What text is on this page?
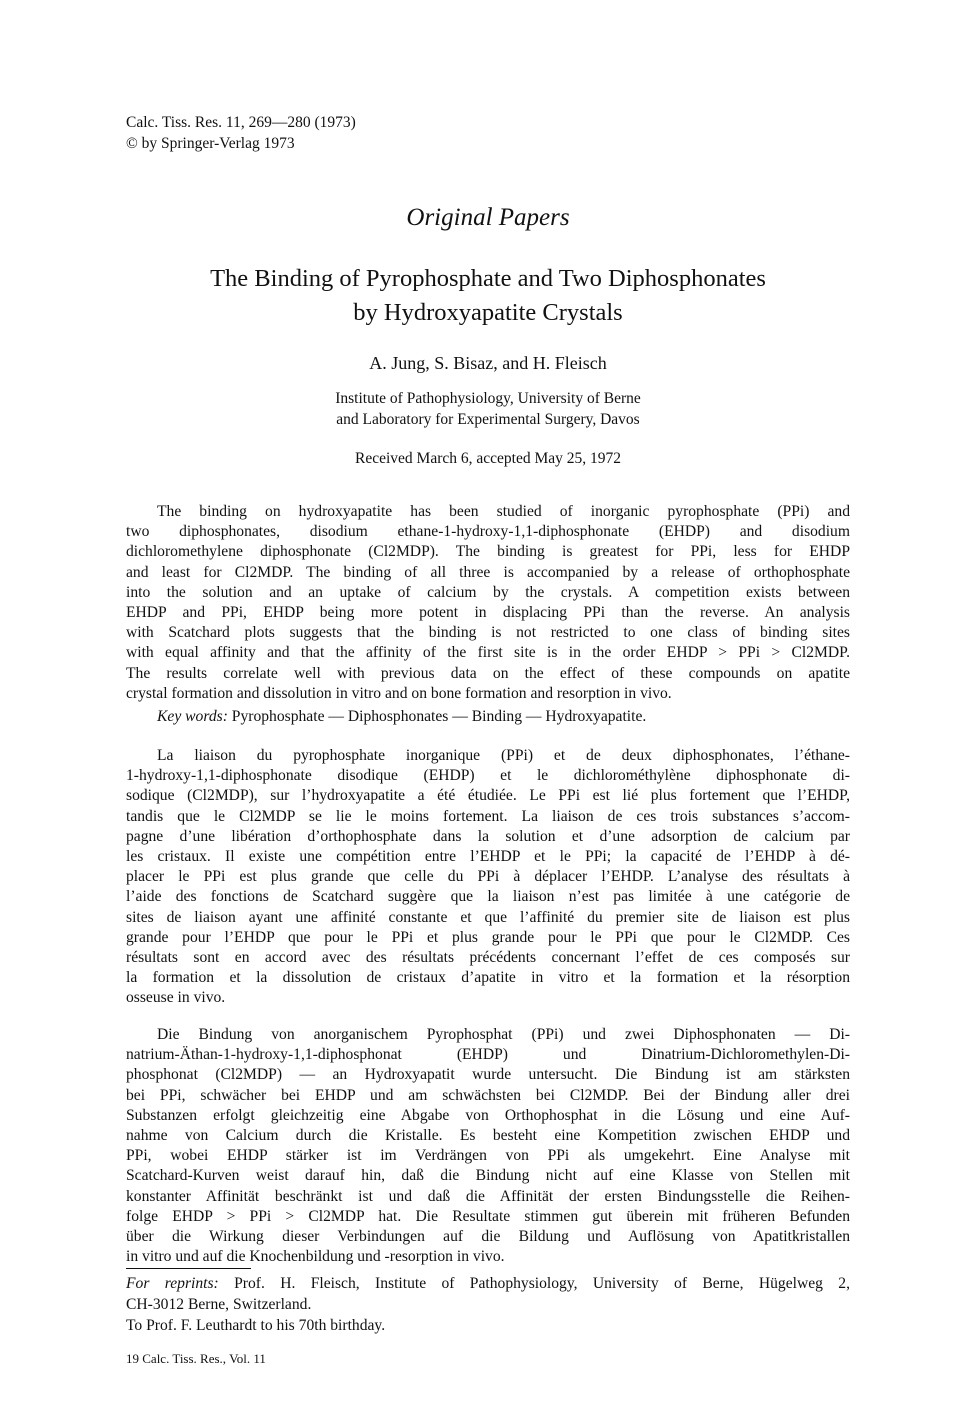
Calc. Tiss. Res. 11, 269—280 (1973)
© by Springer-Verlag 1973
Original Papers
The Binding of Pyrophosphate and Two Diphosphonates
by Hydroxyapatite Crystals
A. Jung, S. Bisaz, and H. Fleisch
Institute of Pathophysiology, University of Berne
and Laboratory for Experimental Surgery, Davos
Received March 6, accepted May 25, 1972
The binding on hydroxyapatite has been studied of inorganic pyrophosphate (PPi) and
two diphosphonates, disodium ethane-1-hydroxy-1,1-diphosphonate (EHDP) and disodium
dichloromethylene diphosphonate (Cl2MDP). The binding is greatest for PPi, less for EHDP
and least for Cl2MDP. The binding of all three is accompanied by a release of orthophosphate
into the solution and an uptake of calcium by the crystals. A competition exists between
EHDP and PPi, EHDP being more potent in displacing PPi than the reverse. An analysis
with Scatchard plots suggests that the binding is not restricted to one class of binding sites
with equal affinity and that the affinity of the first site is in the order EHDP > PPi > Cl2MDP.
The results correlate well with previous data on the effect of these compounds on apatite
crystal formation and dissolution in vitro and on bone formation and resorption in vivo.
Key words: Pyrophosphate — Diphosphonates — Binding — Hydroxyapatite.
La liaison du pyrophosphate inorganique (PPi) et de deux diphosphonates, l’éthane-
1-hydroxy-1,1-diphosphonate disodique (EHDP) et le dichlorométhylène diphosphonate di-
sodique (Cl2MDP), sur l’hydroxyapatite a été étudiée. Le PPi est lié plus fortement que l’EHDP,
tandis que le Cl2MDP se lie le moins fortement. La liaison de ces trois substances s’accom-
pagne d’une libération d’orthophosphate dans la solution et d’une adsorption de calcium par
les cristaux. Il existe une compétition entre l’EHDP et le PPi; la capacité de l’EHDP à dé-
placer le PPi est plus grande que celle du PPi à déplacer l’EHDP. L’analyse des résultats à
l’aide des fonctions de Scatchard suggère que la liaison n’est pas limitée à une catégorie de
sites de liaison ayant une affinité constante et que l’affinité du premier site de liaison est plus
grande pour l’EHDP que pour le PPi et plus grande pour le PPi que pour le Cl2MDP. Ces
résultats sont en accord avec des résultats précédents concernant l’effet de ces composés sur
la formation et la dissolution de cristaux d’apatite in vitro et la formation et la résorption
osseuse in vivo.
Die Bindung von anorganischem Pyrophosphat (PPi) und zwei Diphosphonaten — Di-
natrium-Äthan-1-hydroxy-1,1-diphosphonat (EHDP) und Dinatrium-Dichloromethylen-Di-
phosphonat (Cl2MDP) — an Hydroxyapatit wurde untersucht. Die Bindung ist am stärksten
bei PPi, schwächer bei EHDP und am schwächsten bei Cl2MDP. Bei der Bindung aller drei
Substanzen erfolgt gleichzeitig eine Abgabe von Orthophosphat in die Lösung und eine Auf-
nahme von Calcium durch die Kristalle. Es besteht eine Kompetition zwischen EHDP und
PPi, wobei EHDP stärker ist im Verdrängen von PPi als umgekehrt. Eine Analyse mit
Scatchard-Kurven weist darauf hin, daß die Bindung nicht auf eine Klasse von Stellen mit
konstanter Affinität beschränkt ist und daß die Affinität der ersten Bindungsstelle die Reihen-
folge EHDP > PPi > Cl2MDP hat. Die Resultate stimmen gut überein mit früheren Befunden
über die Wirkung dieser Verbindungen auf die Bildung und Auflösung von Apatitkristallen
in vitro und auf die Knochenbildung und -resorption in vivo.
For reprints: Prof. H. Fleisch, Institute of Pathophysiology, University of Berne, Hügelweg 2,
CH-3012 Berne, Switzerland.
To Prof. F. Leuthardt to his 70th birthday.
19 Calc. Tiss. Res., Vol. 11
